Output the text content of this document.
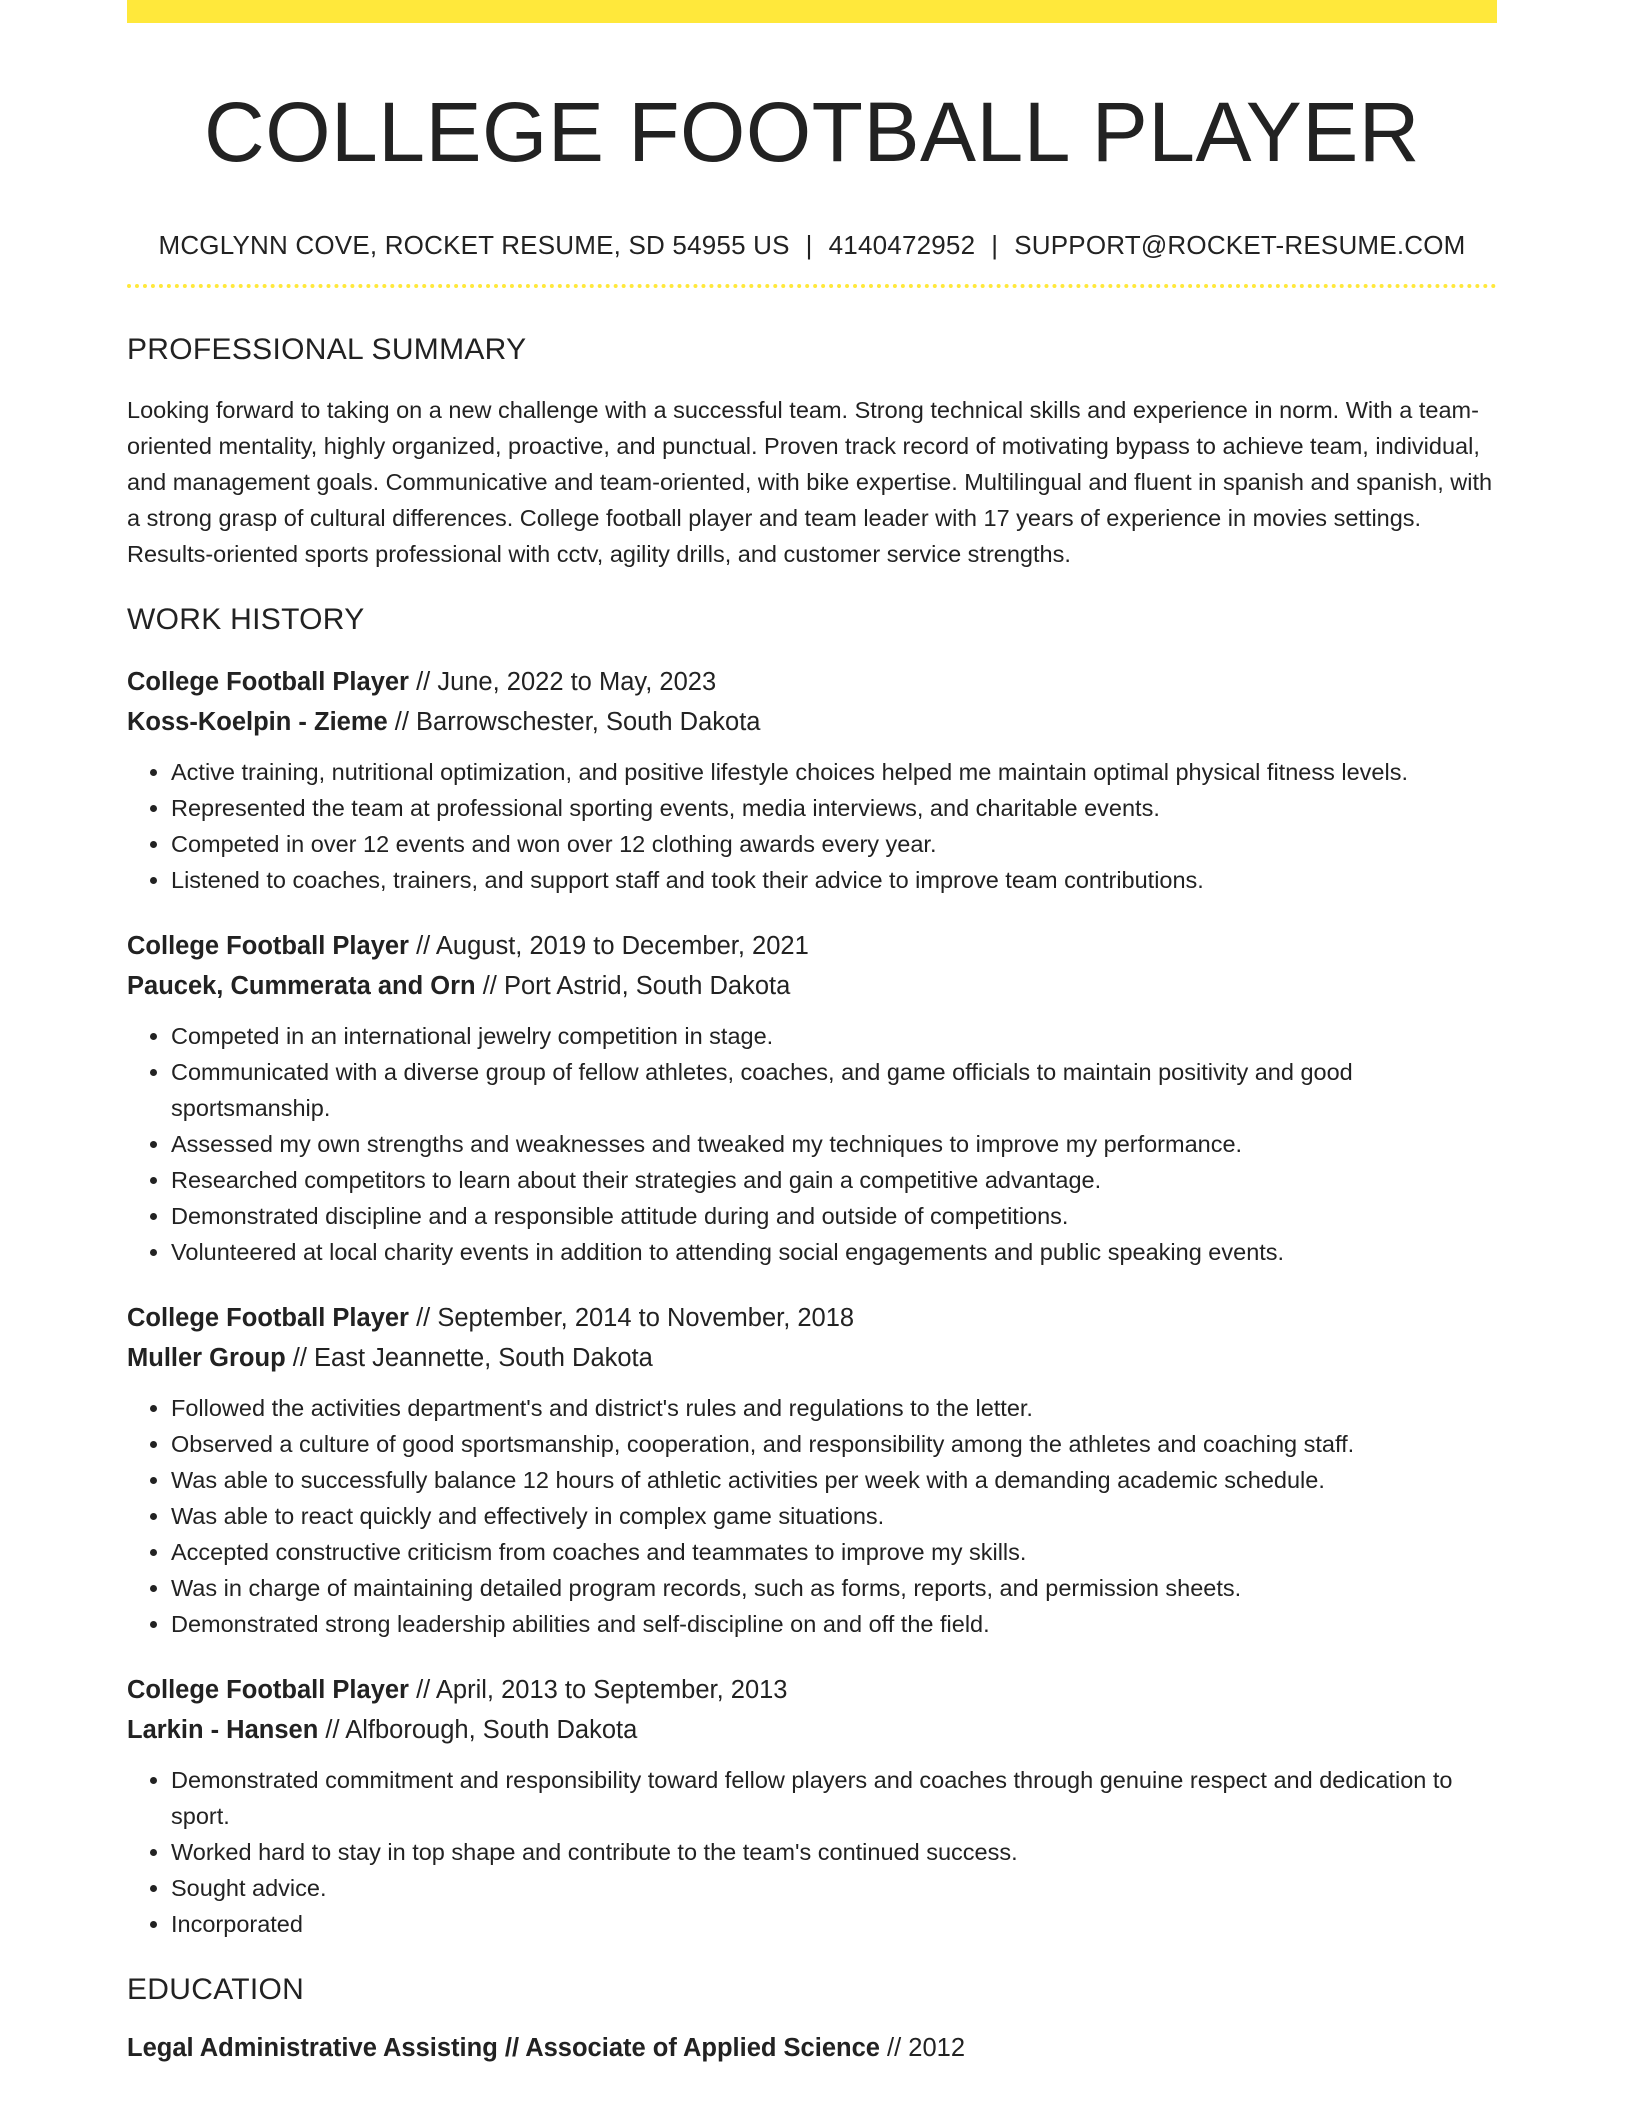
COLLEGE FOOTBALL PLAYER
MCGLYNN COVE, ROCKET RESUME, SD 54955 US | 4140472952 | SUPPORT@ROCKET-RESUME.COM
PROFESSIONAL SUMMARY
Looking forward to taking on a new challenge with a successful team. Strong technical skills and experience in norm. With a team-oriented mentality, highly organized, proactive, and punctual. Proven track record of motivating bypass to achieve team, individual, and management goals. Communicative and team-oriented, with bike expertise. Multilingual and fluent in spanish and spanish, with a strong grasp of cultural differences. College football player and team leader with 17 years of experience in movies settings. Results-oriented sports professional with cctv, agility drills, and customer service strengths.
WORK HISTORY
College Football Player // June, 2022 to May, 2023
Koss-Koelpin - Zieme // Barrowschester, South Dakota
• Active training, nutritional optimization, and positive lifestyle choices helped me maintain optimal physical fitness levels.
• Represented the team at professional sporting events, media interviews, and charitable events.
• Competed in over 12 events and won over 12 clothing awards every year.
• Listened to coaches, trainers, and support staff and took their advice to improve team contributions.
College Football Player // August, 2019 to December, 2021
Paucek, Cummerata and Orn // Port Astrid, South Dakota
• Competed in an international jewelry competition in stage.
• Communicated with a diverse group of fellow athletes, coaches, and game officials to maintain positivity and good sportsmanship.
• Assessed my own strengths and weaknesses and tweaked my techniques to improve my performance.
• Researched competitors to learn about their strategies and gain a competitive advantage.
• Demonstrated discipline and a responsible attitude during and outside of competitions.
• Volunteered at local charity events in addition to attending social engagements and public speaking events.
College Football Player // September, 2014 to November, 2018
Muller Group // East Jeannette, South Dakota
• Followed the activities department's and district's rules and regulations to the letter.
• Observed a culture of good sportsmanship, cooperation, and responsibility among the athletes and coaching staff.
• Was able to successfully balance 12 hours of athletic activities per week with a demanding academic schedule.
• Was able to react quickly and effectively in complex game situations.
• Accepted constructive criticism from coaches and teammates to improve my skills.
• Was in charge of maintaining detailed program records, such as forms, reports, and permission sheets.
• Demonstrated strong leadership abilities and self-discipline on and off the field.
College Football Player // April, 2013 to September, 2013
Larkin - Hansen // Alfborough, South Dakota
• Demonstrated commitment and responsibility toward fellow players and coaches through genuine respect and dedication to sport.
• Worked hard to stay in top shape and contribute to the team's continued success.
• Sought advice.
• Incorporated
EDUCATION
Legal Administrative Assisting // Associate of Applied Science // 2012
